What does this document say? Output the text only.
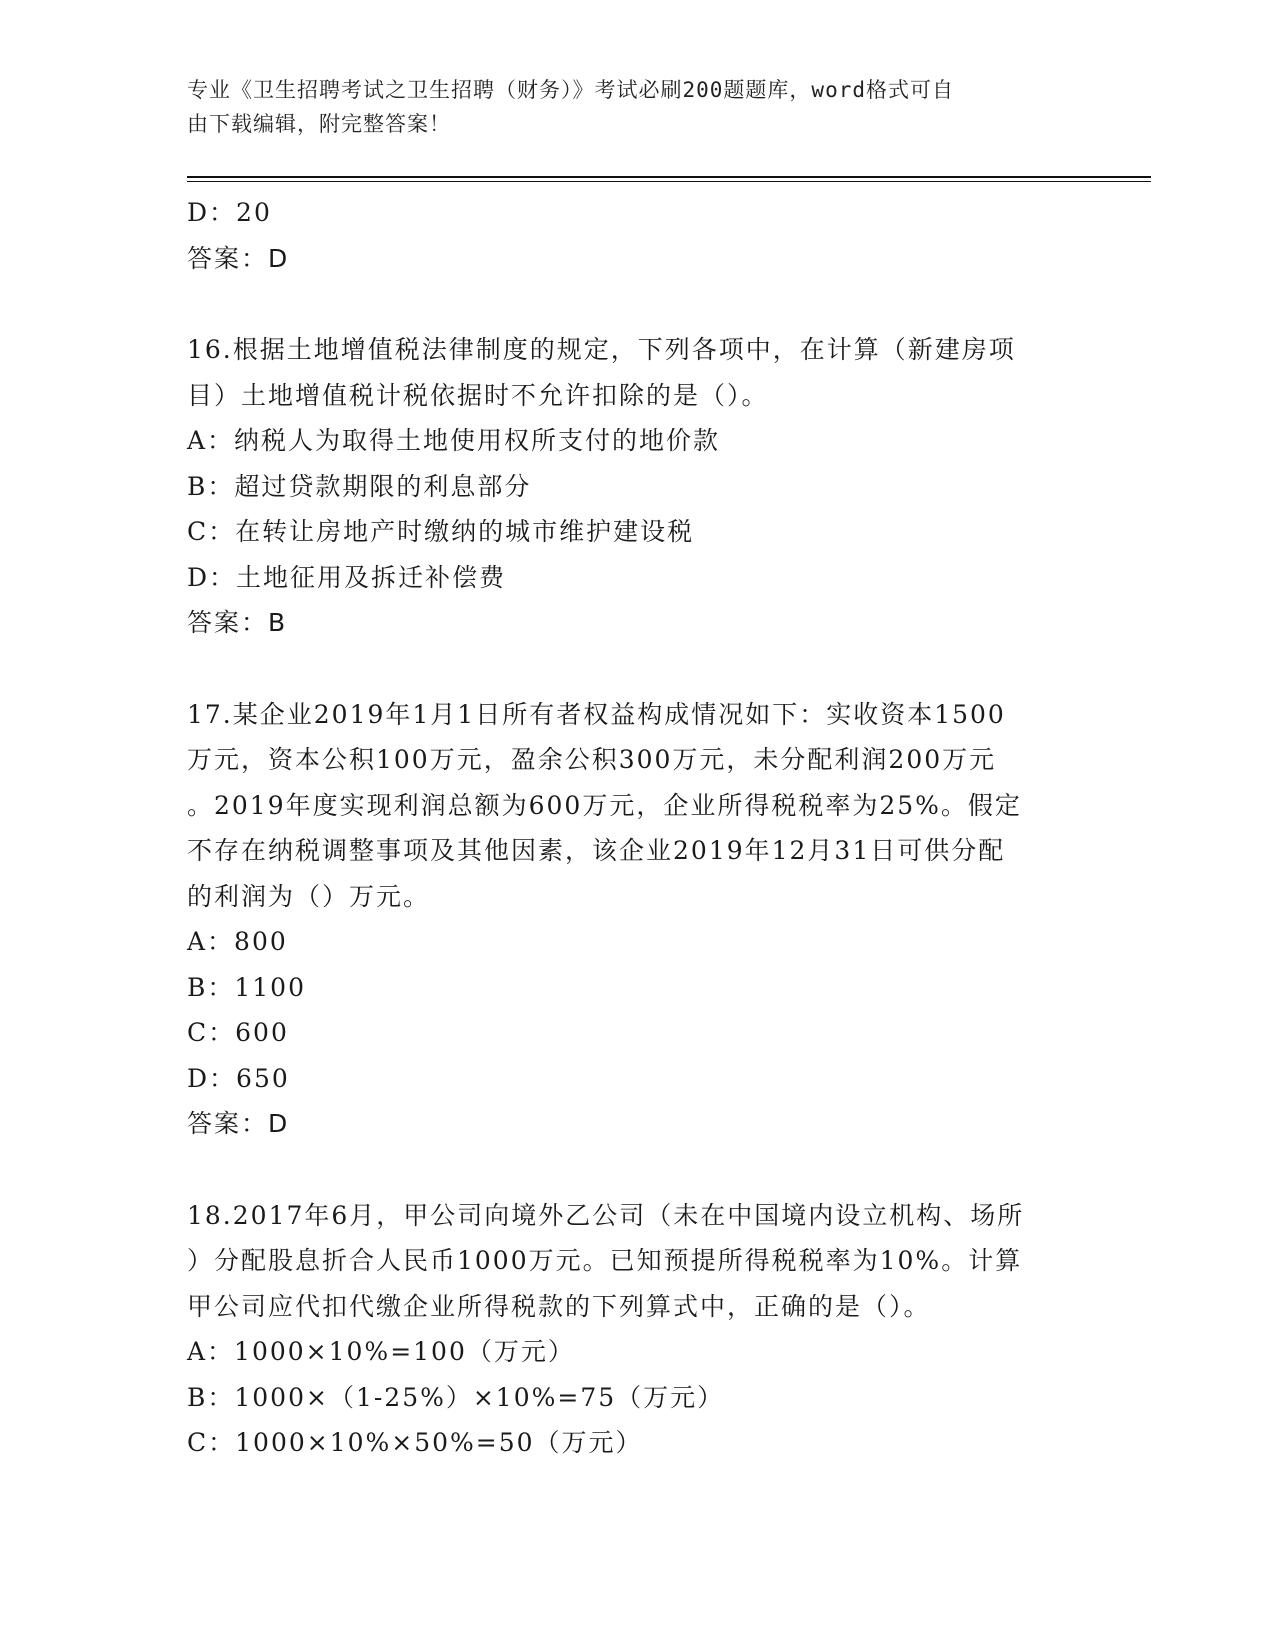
专业《卫生招聘考试之卫生招聘（财务）》考试必刷200题题库，word格式可自
由下载编辑，附完整答案！
D：20
答案：D
16.根据土地增值税法律制度的规定，下列各项中，在计算（新建房项
目）土地增值税计税依据时不允许扣除的是（）。
A：纳税人为取得土地使用权所支付的地价款
B：超过贷款期限的利息部分
C：在转让房地产时缴纳的城市维护建设税
D：土地征用及拆迁补偿费
答案：B
17.某企业2019年1月1日所有者权益构成情况如下：实收资本1500
万元，资本公积100万元，盈余公积300万元，未分配利润200万元
。2019年度实现利润总额为600万元，企业所得税税率为25%。假定
不存在纳税调整事项及其他因素，该企业2019年12月31日可供分配
的利润为（）万元。
A：800
B：1100
C：600
D：650
答案：D
18.2017年6月，甲公司向境外乙公司（未在中国境内设立机构、场所
）分配股息折合人民币1000万元。已知预提所得税税率为10%。计算
甲公司应代扣代缴企业所得税款的下列算式中，正确的是（）。
A：1000×10%=100（万元）
B：1000×（1-25%）×10%=75（万元）
C：1000×10%×50%=50（万元）
